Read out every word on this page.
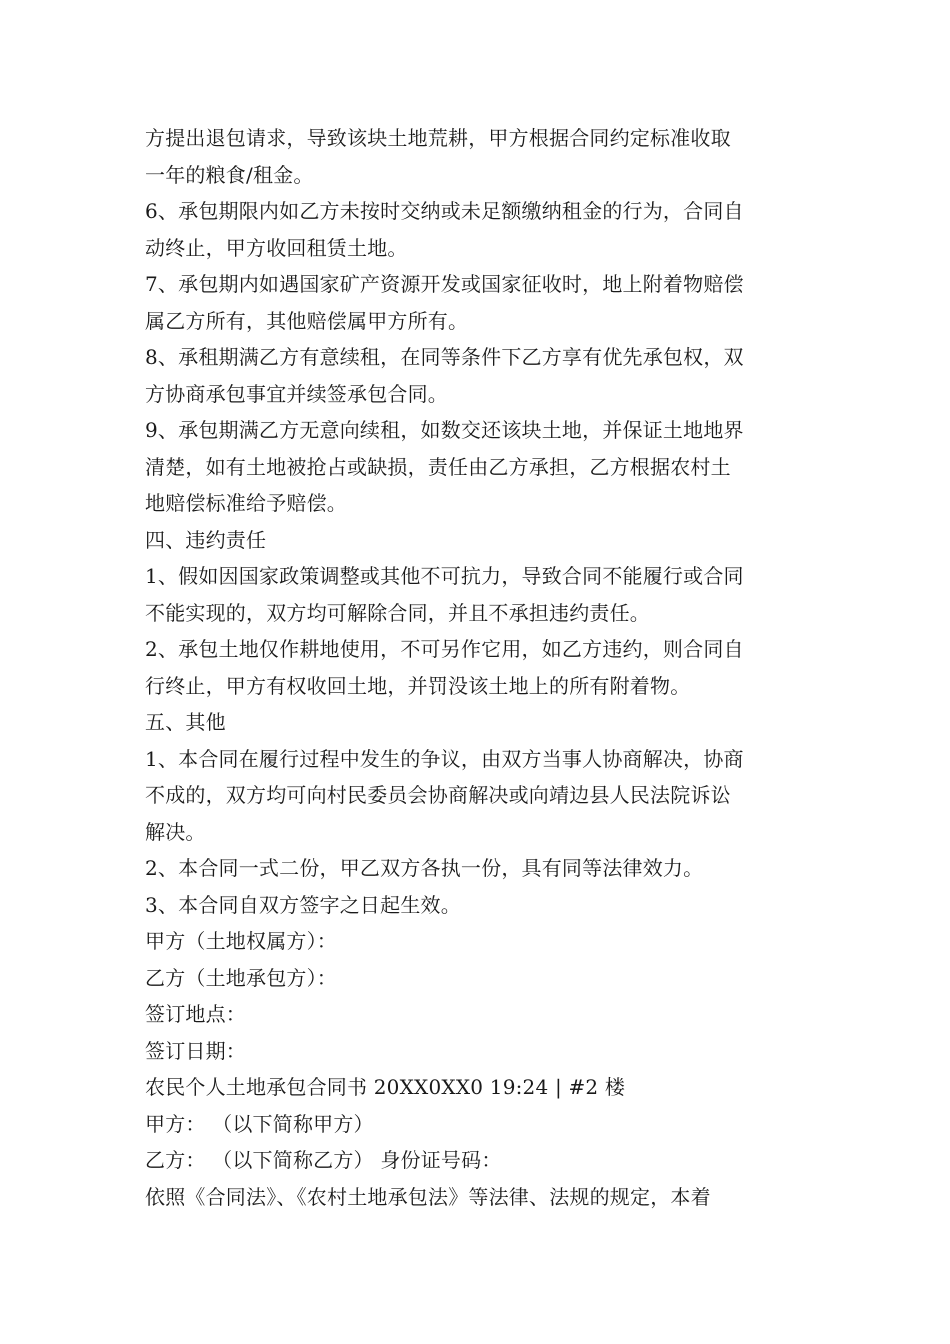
方提出退包请求，导致该块土地荒耕，甲方根据合同约定标准收取
一年的粮食/租金。
6、承包期限内如乙方未按时交纳或未足额缴纳租金的行为，合同自
动终止，甲方收回租赁土地。
7、承包期内如遇国家矿产资源开发或国家征收时，地上附着物赔偿
属乙方所有，其他赔偿属甲方所有。
8、承租期满乙方有意续租，在同等条件下乙方享有优先承包权，双
方协商承包事宜并续签承包合同。
9、承包期满乙方无意向续租，如数交还该块土地，并保证土地地界
清楚，如有土地被抢占或缺损，责任由乙方承担，乙方根据农村土
地赔偿标准给予赔偿。
四、违约责任
1、假如因国家政策调整或其他不可抗力，导致合同不能履行或合同
不能实现的，双方均可解除合同，并且不承担违约责任。
2、承包土地仅作耕地使用，不可另作它用，如乙方违约，则合同自
行终止，甲方有权收回土地，并罚没该土地上的所有附着物。
五、其他
1、本合同在履行过程中发生的争议，由双方当事人协商解决，协商
不成的，双方均可向村民委员会协商解决或向靖边县人民法院诉讼
解决。
2、本合同一式二份，甲乙双方各执一份，具有同等法律效力。
3、本合同自双方签字之日起生效。
甲方（土地权属方）：
乙方（土地承包方）：
签订地点：
签订日期：
农民个人土地承包合同书 20XX0XX0 19:24 | #2 楼
甲方： （以下简称甲方）
乙方： （以下简称乙方） 身份证号码：
依照《合同法》、《农村土地承包法》等法律、法规的规定，本着
